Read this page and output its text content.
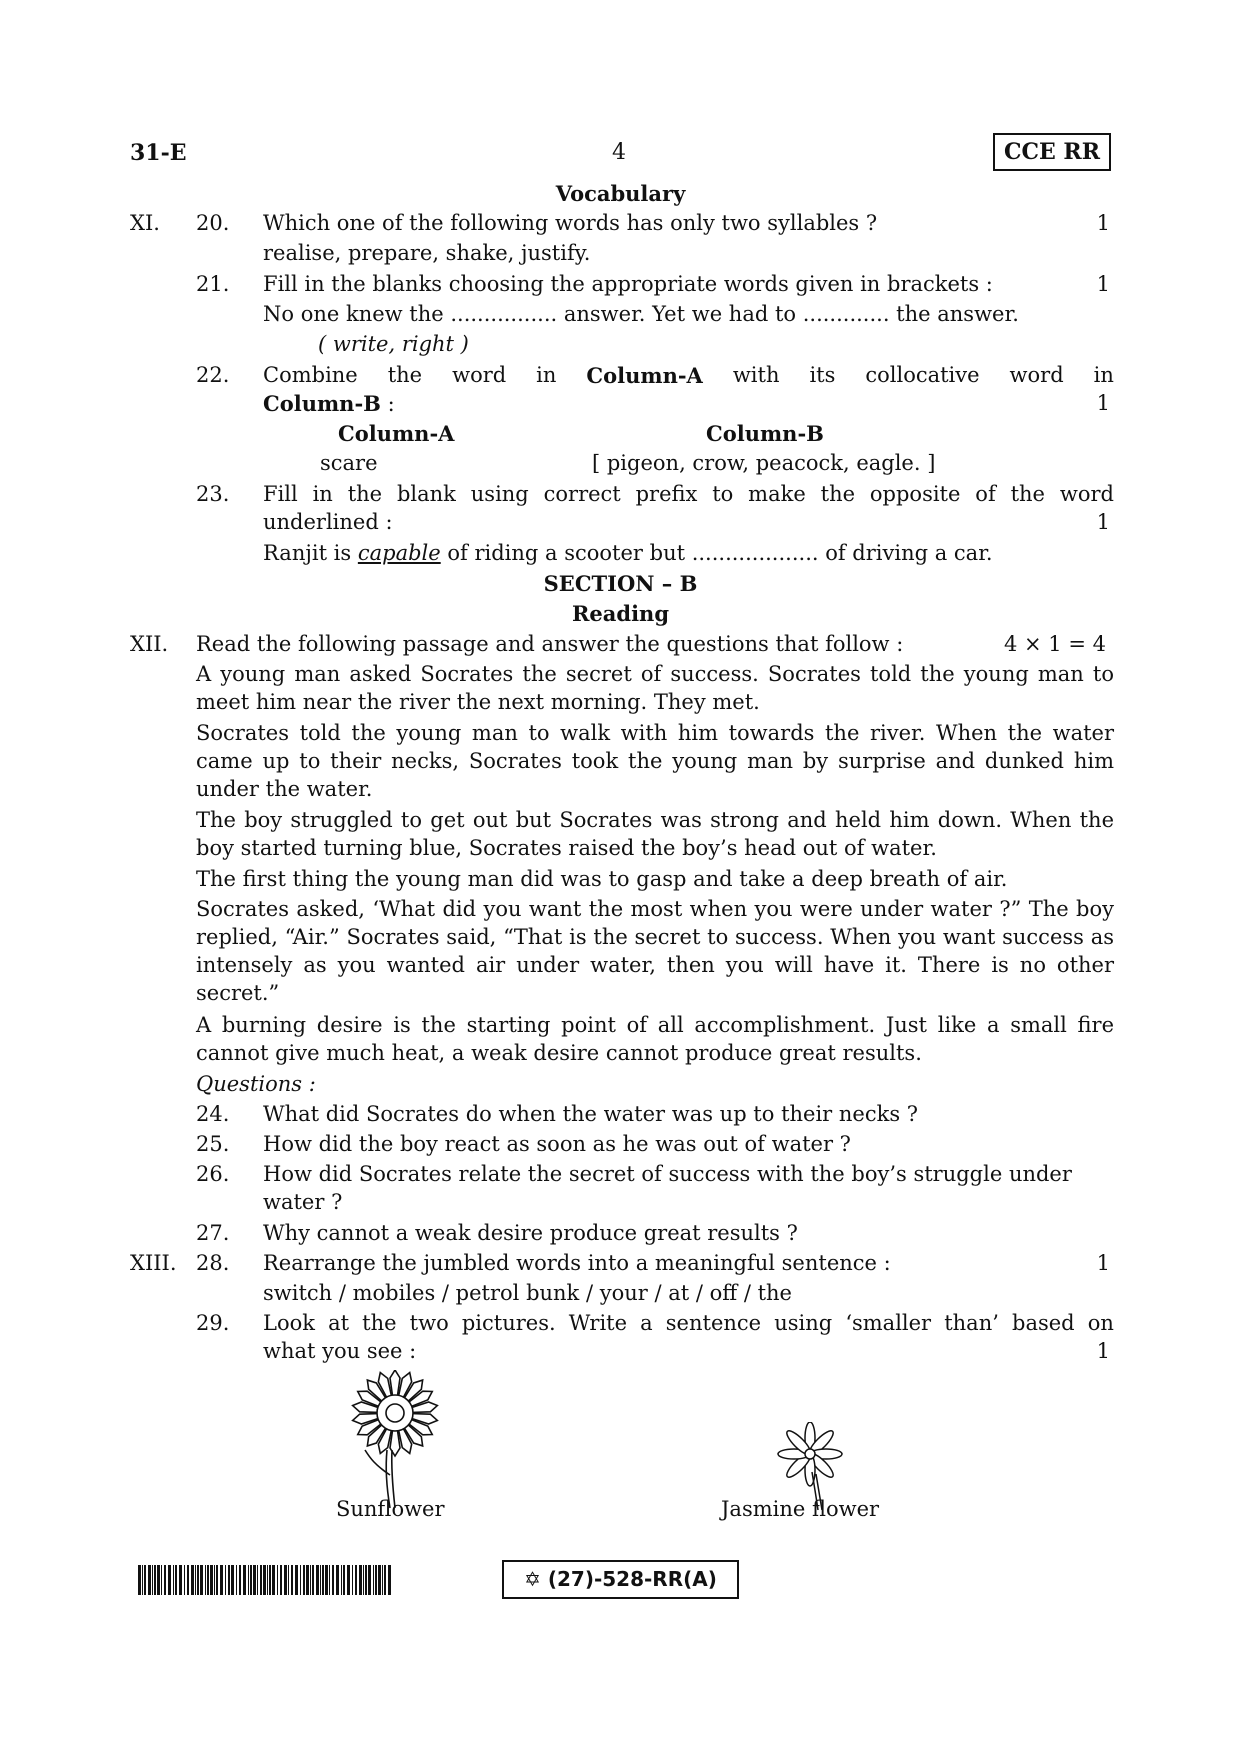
31-E	4	CCE RR
Vocabulary
XI. 20. Which one of the following words has only two syllables ?	1
realise, prepare, shake, justify.
21. Fill in the blanks choosing the appropriate words given in brackets :	1
No one knew the ................ answer. Yet we had to ............. the answer.
( write, right )
22. Combine the word in Column-A with its collocative word in
Column-B :	1
Column-A	Column-B
scare	[ pigeon, crow, peacock, eagle. ]
23. Fill in the blank using correct prefix to make the opposite of the word
underlined :	1
Ranjit is capable of riding a scooter but ................... of driving a car.
SECTION – B
Reading
XII. Read the following passage and answer the questions that follow :	4 × 1 = 4
A young man asked Socrates the secret of success. Socrates told the young man to meet him near the river the next morning. They met.
Socrates told the young man to walk with him towards the river. When the water came up to their necks, Socrates took the young man by surprise and dunked him under the water.
The boy struggled to get out but Socrates was strong and held him down. When the boy started turning blue, Socrates raised the boy’s head out of water.
The first thing the young man did was to gasp and take a deep breath of air.
Socrates asked, ‘What did you want the most when you were under water ?” The boy replied, “Air.” Socrates said, “That is the secret to success. When you want success as intensely as you wanted air under water, then you will have it. There is no other secret.”
A burning desire is the starting point of all accomplishment. Just like a small fire cannot give much heat, a weak desire cannot produce great results.
Questions :
24. What did Socrates do when the water was up to their necks ?
25. How did the boy react as soon as he was out of water ?
26. How did Socrates relate the secret of success with the boy’s struggle under
water ?
27. Why cannot a weak desire produce great results ?
XIII. 28. Rearrange the jumbled words into a meaningful sentence :	1
switch / mobiles / petrol bunk / your / at / off / the
29. Look at the two pictures. Write a sentence using ‘smaller than’ based on
what you see :	1
Sunflower	Jasmine flower
✡ (27)-528-RR(A)
